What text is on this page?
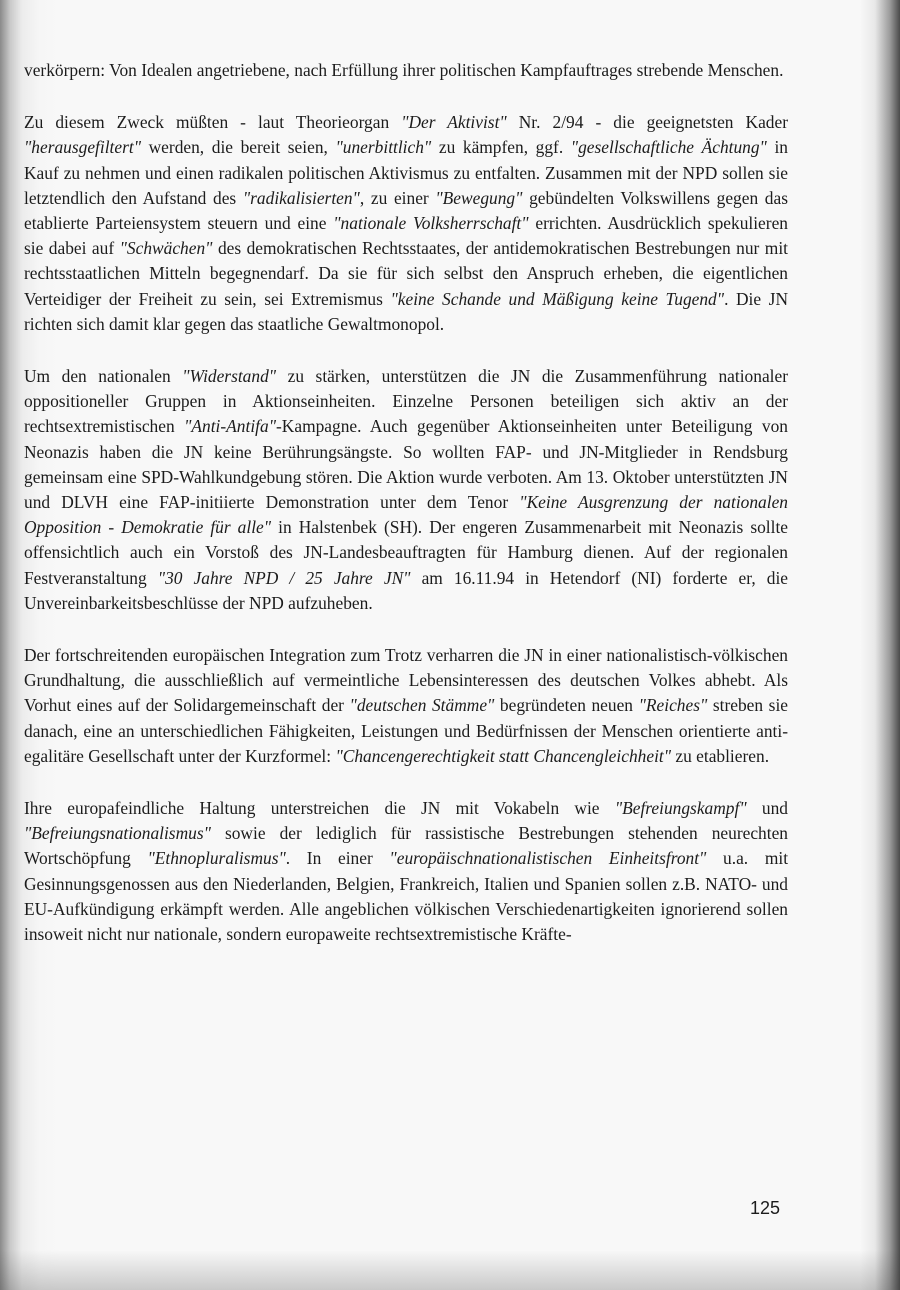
verkörpern: Von Idealen angetriebene, nach Erfüllung ihrer politischen Kampfauftrages strebende Menschen.

Zu diesem Zweck müßten - laut Theorieorgan "Der Aktivist" Nr. 2/94 - die geeignetsten Kader "herausgefiltert" werden, die bereit seien, "unerbittlich" zu kämpfen, ggf. "gesellschaftliche Ächtung" in Kauf zu nehmen und einen radikalen politischen Aktivismus zu entfalten. Zusammen mit der NPD sollen sie letztendlich den Aufstand des "radikalisierten", zu einer "Bewegung" gebündelten Volkswillens gegen das etablierte Parteiensystem steuern und eine "nationale Volksherrschaft" errichten. Ausdrücklich spekulieren sie dabei auf "Schwächen" des demokratischen Rechtsstaates, der antidemokratischen Bestrebungen nur mit rechtsstaatlichen Mitteln begegnendarf. Da sie für sich selbst den Anspruch erheben, die eigentlichen Verteidiger der Freiheit zu sein, sei Extremismus "keine Schande und Mäßigung keine Tugend". Die JN richten sich damit klar gegen das staatliche Gewaltmonopol.

Um den nationalen "Widerstand" zu stärken, unterstützen die JN die Zusammenführung nationaler oppositioneller Gruppen in Aktionseinheiten. Einzelne Personen beteiligen sich aktiv an der rechtsextremistischen "Anti-Antifa"-Kampagne. Auch gegenüber Aktionseinheiten unter Beteiligung von Neonazis haben die JN keine Berührungsängste. So wollten FAP- und JN-Mitglieder in Rendsburg gemeinsam eine SPD-Wahlkundgebung stören. Die Aktion wurde verboten. Am 13. Oktober unterstützten JN und DLVH eine FAP-initiierte Demonstration unter dem Tenor "Keine Ausgrenzung der nationalen Opposition - Demokratie für alle" in Halstenbek (SH). Der engeren Zusammenarbeit mit Neonazis sollte offensichtlich auch ein Vorstoß des JN-Landesbeauftragten für Hamburg dienen. Auf der regionalen Festveranstaltung "30 Jahre NPD / 25 Jahre JN" am 16.11.94 in Hetendorf (NI) forderte er, die Unvereinbarkeitsbeschlüsse der NPD aufzuheben.

Der fortschreitenden europäischen Integration zum Trotz verharren die JN in einer nationalistisch-völkischen Grundhaltung, die ausschließlich auf vermeintliche Lebensinteressen des deutschen Volkes abhebt. Als Vorhut eines auf der Solidargemeinschaft der "deutschen Stämme" begründeten neuen "Reiches" streben sie danach, eine an unterschiedlichen Fähigkeiten, Leistungen und Bedürfnissen der Menschen orientierte anti-egalitäre Gesellschaft unter der Kurzformel: "Chancengerechtigkeit statt Chancengleichheit" zu etablieren.

Ihre europafeindliche Haltung unterstreichen die JN mit Vokabeln wie "Befreiungskampf" und "Befreiungsnationalismus" sowie der lediglich für rassistische Bestrebungen stehenden neurechten Wortschöpfung "Ethnopluralismus". In einer "europäischnationalistischen Einheitsfront" u.a. mit Gesinnungsgenossen aus den Niederlanden, Belgien, Frankreich, Italien und Spanien sollen z.B. NATO- und EU-Aufkündigung erkämpft werden. Alle angeblichen völkischen Verschiedenartigkeiten ignorierend sollen insoweit nicht nur nationale, sondern europaweite rechtsextremistische Kräfte-

125
